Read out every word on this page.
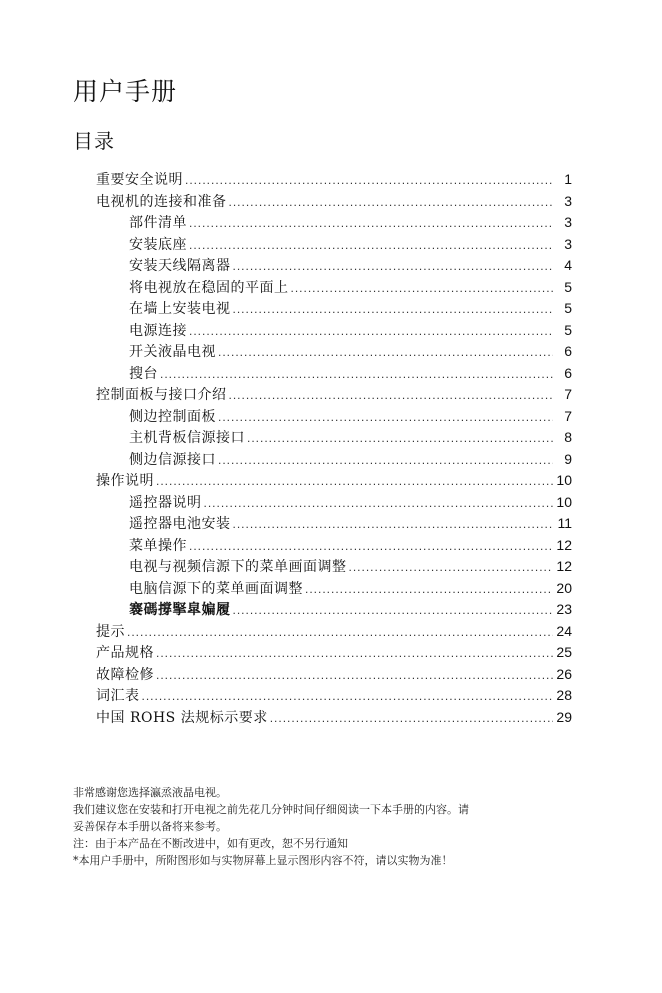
用户手册
目录
重要安全说明 .....	1
电视机的连接和准备 .....	3
部件清单 .....	3
安装底座 .....	3
安装天线隔离器 .....	4
将电视放在稳固的平面上 .....	5
在墙上安装电视 .....	5
电源连接 .....	5
开关液晶电视 .....	6
搜台 .....	6
控制面板与接口介绍 .....	7
侧边控制面板 .....	7
主机背板信源接口 .....	8
侧边信源接口 .....	9
操作说明 .....	10
遥控器说明 .....	10
遥控器电池安装 .....	11
菜单操作 .....	12
电视与视频信源下的菜单画面调整 .....	12
电脑信源下的菜单画面调整 .....	20
褰碼撐掔皐媥履 .....	23
提示 .....	24
产品规格 .....	25
故障检修 .....	26
词汇表 .....	28
中国 ROHS 法规标示要求 .....	29

非常感谢您选择瀛烝液晶电视。

我们建议您在安装和打开电视之前先花几分钟时间仔细阅读一下本手册的内容。请

妥善保存本手册以备将来参考。

注：由于本产品在不断改进中，如有更改，恕不另行通知

*本用户手册中，所附图形如与实物屏幕上显示图形内容不符，请以实物为准！
